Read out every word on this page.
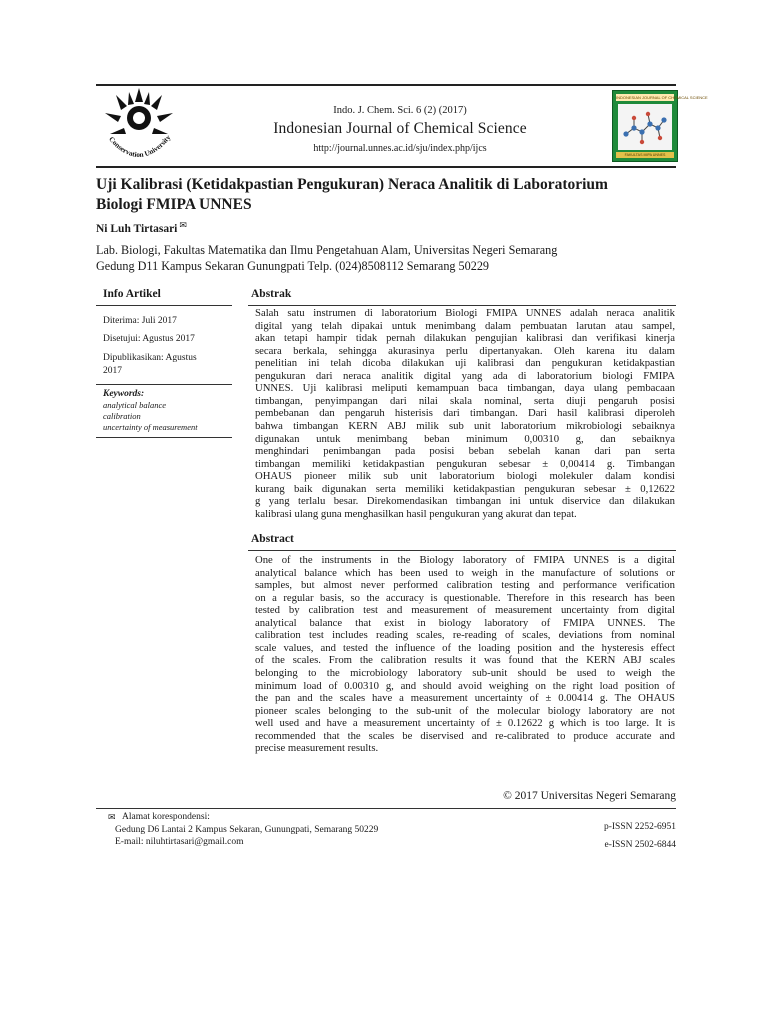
Conservation University
Indo. J. Chem. Sci. 6 (2) (2017)
Indonesian Journal of Chemical Science
http://journal.unnes.ac.id/sju/index.php/ijcs
INDONESIAN JOURNAL OF CHEMICAL SCIENCE
FAKULTAS MIPA UNNES
Uji Kalibrasi (Ketidakpastian Pengukuran) Neraca Analitik di Laboratorium
Biologi FMIPA UNNES
Ni Luh Tirtasari ✉
Lab. Biologi, Fakultas Matematika dan Ilmu Pengetahuan Alam, Universitas Negeri Semarang
Gedung D11 Kampus Sekaran Gunungpati Telp. (024)8508112 Semarang 50229
Info Artikel
Diterima: Juli 2017
Disetujui: Agustus 2017
Dipublikasikan: Agustus
2017
Keywords:
analytical balance
calibration
uncertainty of measurement
Abstrak
Salah satu instrumen di laboratorium Biologi FMIPA UNNES adalah neraca analitik
digital yang telah dipakai untuk menimbang dalam pembuatan larutan atau sampel,
akan tetapi hampir tidak pernah dilakukan pengujian kalibrasi dan verifikasi kinerja
secara berkala, sehingga akurasinya perlu dipertanyakan. Oleh karena itu dalam
penelitian ini telah dicoba dilakukan uji kalibrasi dan pengukuran ketidakpastian
pengukuran dari neraca analitik digital yang ada di laboratorium biologi FMIPA
UNNES. Uji kalibrasi meliputi kemampuan baca timbangan, daya ulang pembacaan
timbangan, penyimpangan dari nilai skala nominal, serta diuji pengaruh posisi
pembebanan dan pengaruh histerisis dari timbangan. Dari hasil kalibrasi diperoleh
bahwa timbangan KERN ABJ milik sub unit laboratorium mikrobiologi sebaiknya
digunakan untuk menimbang beban minimum 0,00310 g, dan sebaiknya
menghindari penimbangan pada posisi beban sebelah kanan dari pan serta
timbangan memiliki ketidakpastian pengukuran sebesar ± 0,00414 g. Timbangan
OHAUS pioneer milik sub unit laboratorium biologi molekuler dalam kondisi
kurang baik digunakan serta memiliki ketidakpastian pengukuran sebesar ± 0,12622
g yang terlalu besar. Direkomendasikan timbangan ini untuk diservice dan dilakukan
kalibrasi ulang guna menghasilkan hasil pengukuran yang akurat dan tepat.
Abstract
One of the instruments in the Biology laboratory of FMIPA UNNES is a digital
analytical balance which has been used to weigh in the manufacture of solutions or
samples, but almost never performed calibration testing and performance verification
on a regular basis, so the accuracy is questionable. Therefore in this research has been
tested by calibration test and measurement of measurement uncertainty from digital
analytical balance that exist in biology laboratory of FMIPA UNNES. The
calibration test includes reading scales, re-reading of scales, deviations from nominal
scale values, and tested the influence of the loading position and the hysteresis effect
of the scales. From the calibration results it was found that the KERN ABJ scales
belonging to the microbiology laboratory sub-unit should be used to weigh the
minimum load of 0.00310 g, and should avoid weighing on the right load position of
the pan and the scales have a measurement uncertainty of ± 0.00414 g. The OHAUS
pioneer scales belonging to the sub-unit of the molecular biology laboratory are not
well used and have a measurement uncertainty of ± 0.12622 g which is too large. It is
recommended that the scales be diservised and re-calibrated to produce accurate and
precise measurement results.
© 2017 Universitas Negeri Semarang
✉ Alamat korespondensi:
Gedung D6 Lantai 2 Kampus Sekaran, Gunungpati, Semarang 50229
E-mail: niluhtirtasari@gmail.com
p-ISSN 2252-6951
e-ISSN 2502-6844
